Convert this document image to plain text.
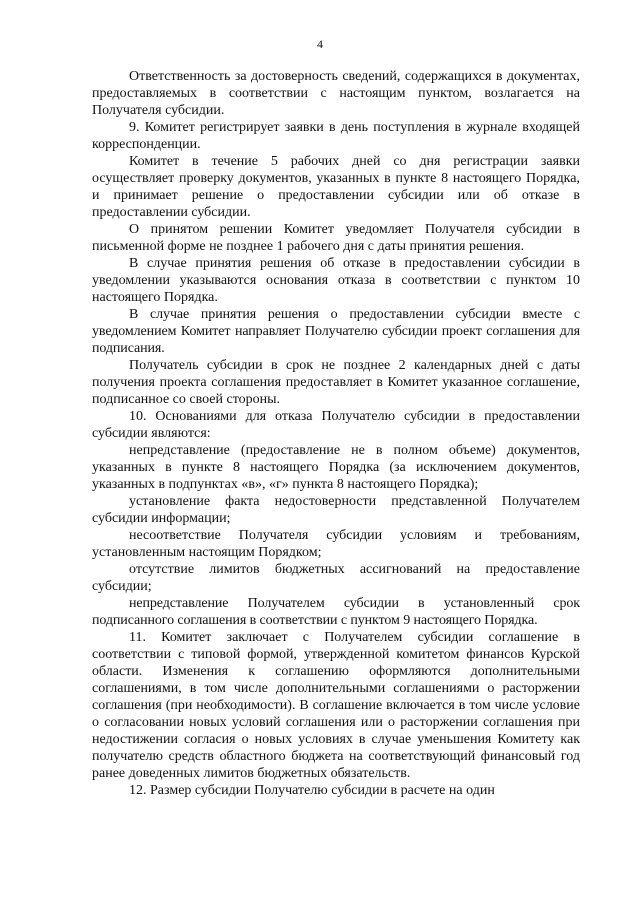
4

Ответственность за достоверность сведений, содержащихся в документах, предоставляемых в соответствии с настоящим пунктом, возлагается на Получателя субсидии.

9. Комитет регистрирует заявки в день поступления в журнале входящей корреспонденции.

Комитет в течение 5 рабочих дней со дня регистрации заявки осуществляет проверку документов, указанных в пункте 8 настоящего Порядка, и принимает решение о предоставлении субсидии или об отказе в предоставлении субсидии.

О принятом решении Комитет уведомляет Получателя субсидии в письменной форме не позднее 1 рабочего дня с даты принятия решения.

В случае принятия решения об отказе в предоставлении субсидии в уведомлении указываются основания отказа в соответствии с пунктом 10 настоящего Порядка.

В случае принятия решения о предоставлении субсидии вместе с уведомлением Комитет направляет Получателю субсидии проект соглашения для подписания.

Получатель субсидии в срок не позднее 2 календарных дней с даты получения проекта соглашения предоставляет в Комитет указанное соглашение, подписанное со своей стороны.

10. Основаниями для отказа Получателю субсидии в предоставлении субсидии являются:

непредставление (предоставление не в полном объеме) документов, указанных в пункте 8 настоящего Порядка (за исключением документов, указанных в подпунктах «в», «г» пункта 8 настоящего Порядка);

установление факта недостоверности представленной Получателем субсидии информации;

несоответствие Получателя субсидии условиям и требованиям, установленным настоящим Порядком;

отсутствие лимитов бюджетных ассигнований на предоставление субсидии;

непредставление Получателем субсидии в установленный срок подписанного соглашения в соответствии с пунктом 9 настоящего Порядка.

11. Комитет заключает с Получателем субсидии соглашение в соответствии с типовой формой, утвержденной комитетом финансов Курской области. Изменения к соглашению оформляются дополнительными соглашениями, в том числе дополнительными соглашениями о расторжении соглашения (при необходимости). В соглашение включается в том числе условие о согласовании новых условий соглашения или о расторжении соглашения при недостижении согласия о новых условиях в случае уменьшения Комитету как получателю средств областного бюджета на соответствующий финансовый год ранее доведенных лимитов бюджетных обязательств.

12. Размер субсидии Получателю субсидии в расчете на один
